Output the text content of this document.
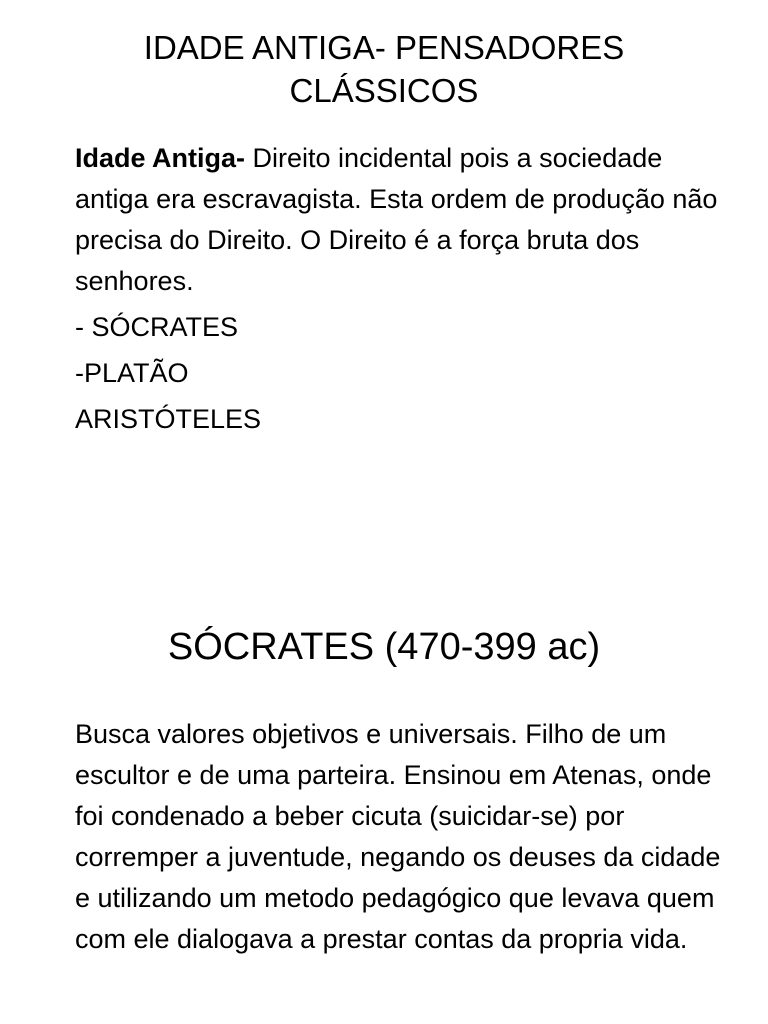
IDADE ANTIGA- PENSADORES
CLÁSSICOS

Idade Antiga- Direito incidental pois a sociedade antiga era escravagista. Esta ordem de produção não precisa do Direito. O Direito é a força bruta dos senhores.

- SÓCRATES

-PLATÃO

ARISTÓTELES

SÓCRATES (470-399 ac)

Busca valores objetivos e universais. Filho de um escultor e de uma parteira. Ensinou em Atenas, onde foi condenado a beber cicuta (suicidar-se) por corremper a juventude, negando os deuses da cidade e utilizando um metodo pedagógico que levava quem com ele dialogava a prestar contas da propria vida.
